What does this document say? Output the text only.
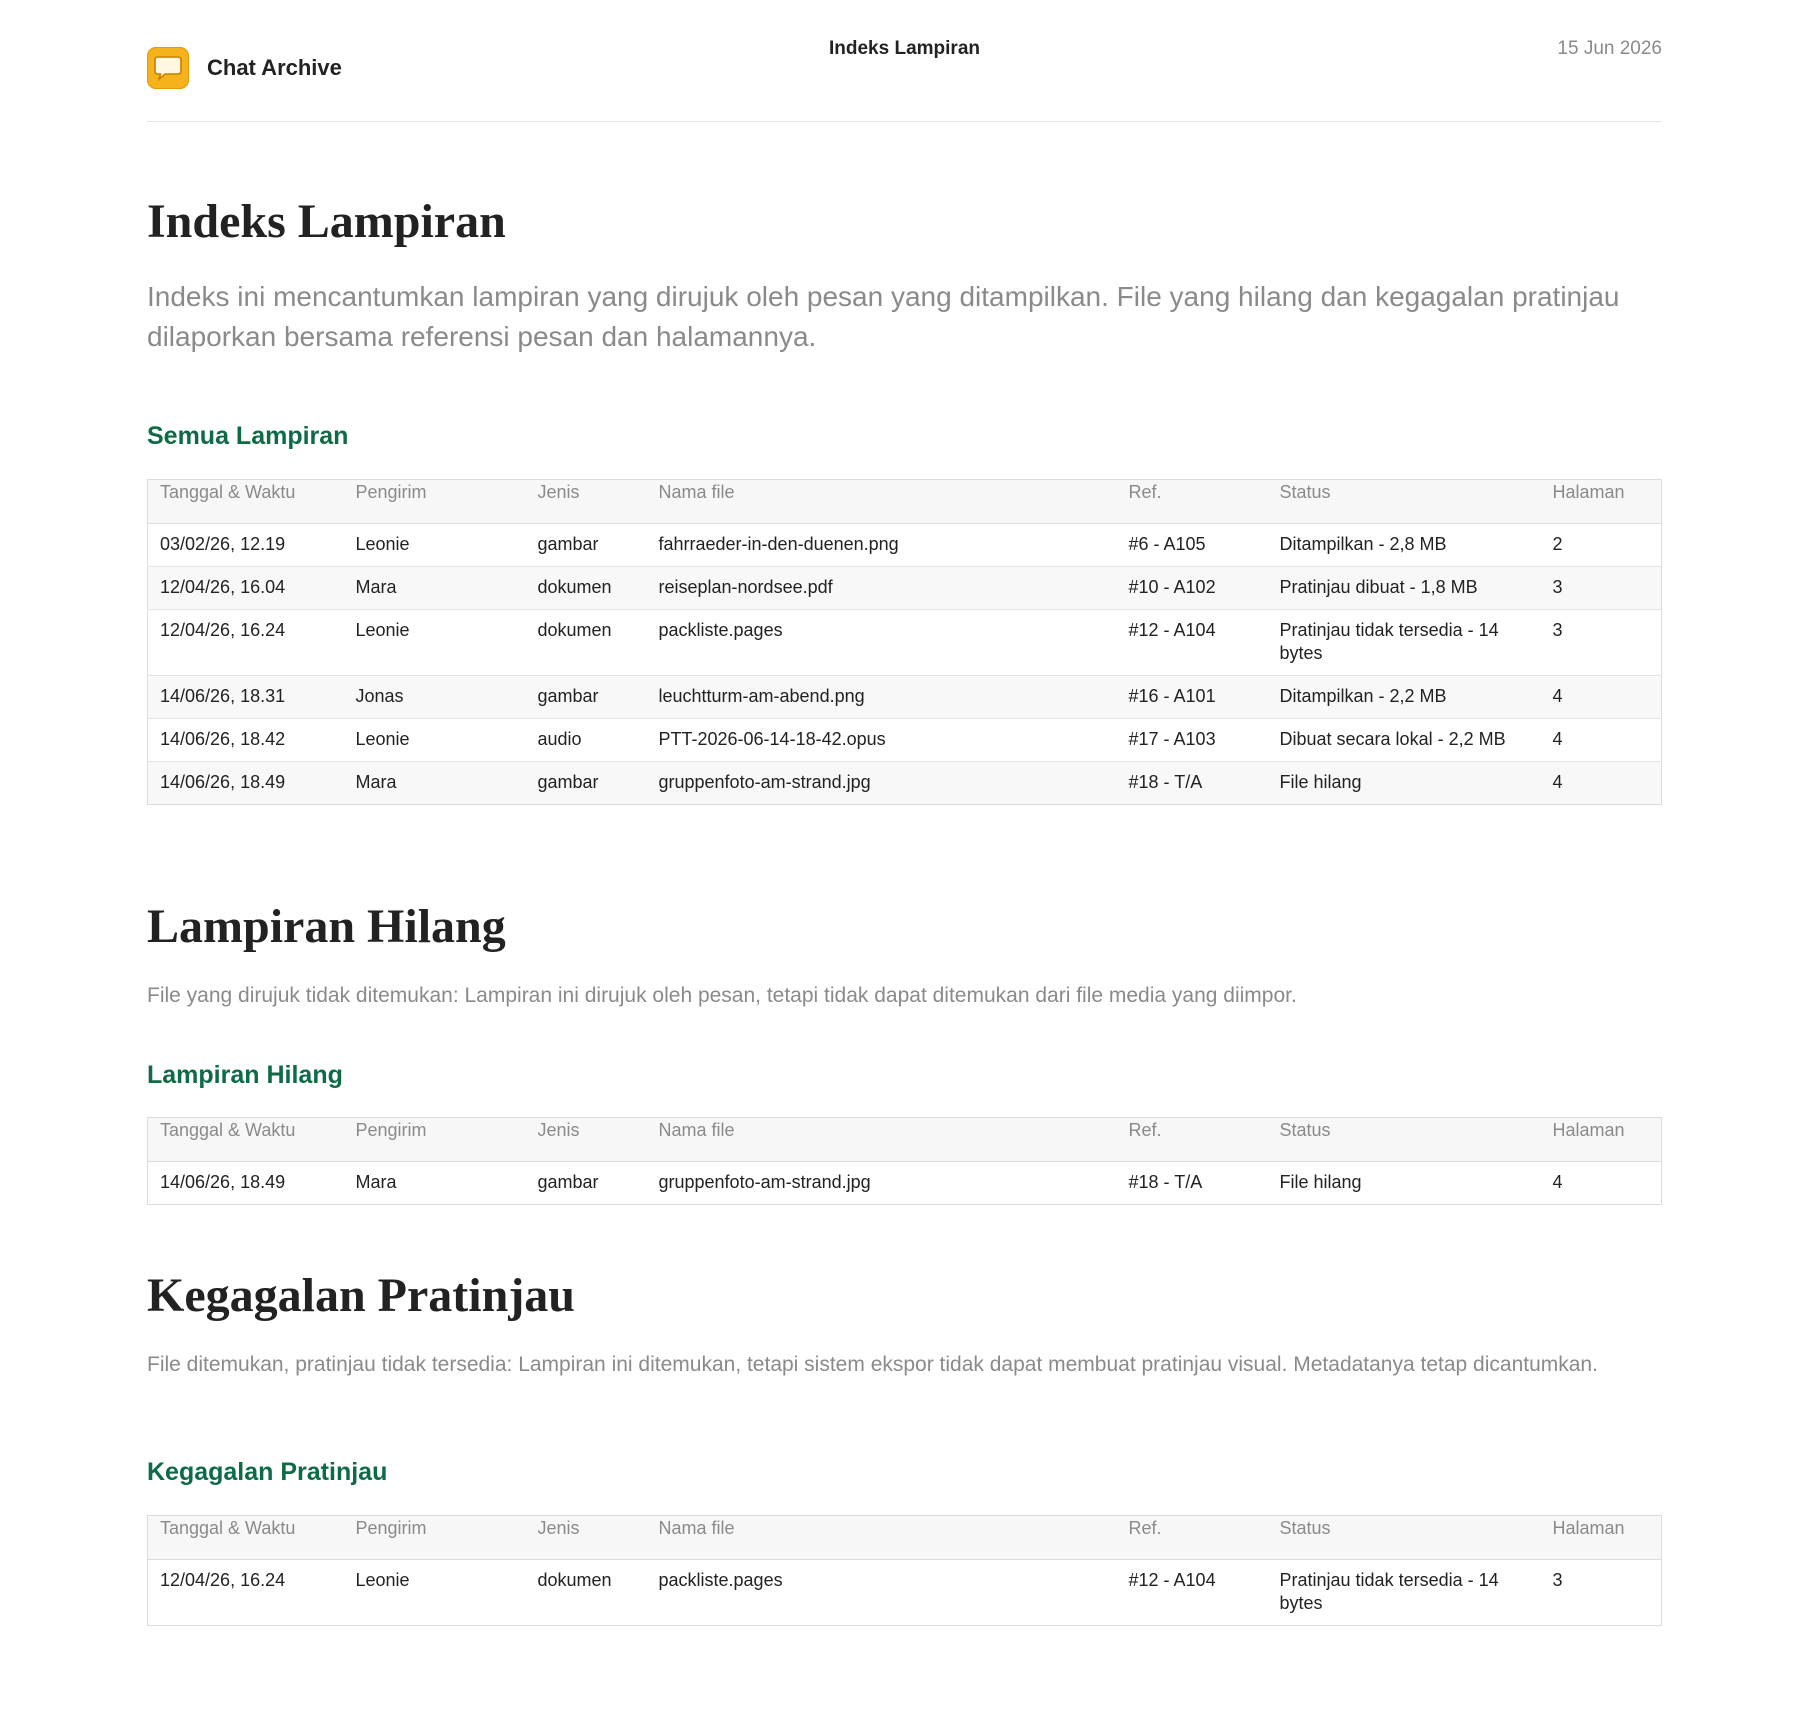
Chat Archive
Indeks Lampiran	15 Jun 2026
Indeks Lampiran

Indeks ini mencantumkan lampiran yang dirujuk oleh pesan yang ditampilkan. File yang hilang dan kegagalan pratinjau dilaporkan bersama referensi pesan dan halamannya.

Semua Lampiran
Tanggal & Waktu	Pengirim	Jenis	Nama file	Ref.	Status	Halaman
03/02/26, 12.19	Leonie	gambar	fahrraeder-in-den-duenen.png	#6 - A105	Ditampilkan - 2,8 MB	2
12/04/26, 16.04	Mara	dokumen	reiseplan-nordsee.pdf	#10 - A102	Pratinjau dibuat - 1,8 MB	3
12/04/26, 16.24	Leonie	dokumen	packliste.pages	#12 - A104	Pratinjau tidak tersedia - 14 bytes	3
14/06/26, 18.31	Jonas	gambar	leuchtturm-am-abend.png	#16 - A101	Ditampilkan - 2,2 MB	4
14/06/26, 18.42	Leonie	audio	PTT-2026-06-14-18-42.opus	#17 - A103	Dibuat secara lokal - 2,2 MB	4
14/06/26, 18.49	Mara	gambar	gruppenfoto-am-strand.jpg	#18 - T/A	File hilang	4
Lampiran Hilang

File yang dirujuk tidak ditemukan: Lampiran ini dirujuk oleh pesan, tetapi tidak dapat ditemukan dari file media yang diimpor.

Lampiran Hilang
Tanggal & Waktu	Pengirim	Jenis	Nama file	Ref.	Status	Halaman
14/06/26, 18.49	Mara	gambar	gruppenfoto-am-strand.jpg	#18 - T/A	File hilang	4
Kegagalan Pratinjau

File ditemukan, pratinjau tidak tersedia: Lampiran ini ditemukan, tetapi sistem ekspor tidak dapat membuat pratinjau visual. Metadatanya tetap dicantumkan.

Kegagalan Pratinjau
Tanggal & Waktu	Pengirim	Jenis	Nama file	Ref.	Status	Halaman
12/04/26, 16.24	Leonie	dokumen	packliste.pages	#12 - A104	Pratinjau tidak tersedia - 14 bytes	3
